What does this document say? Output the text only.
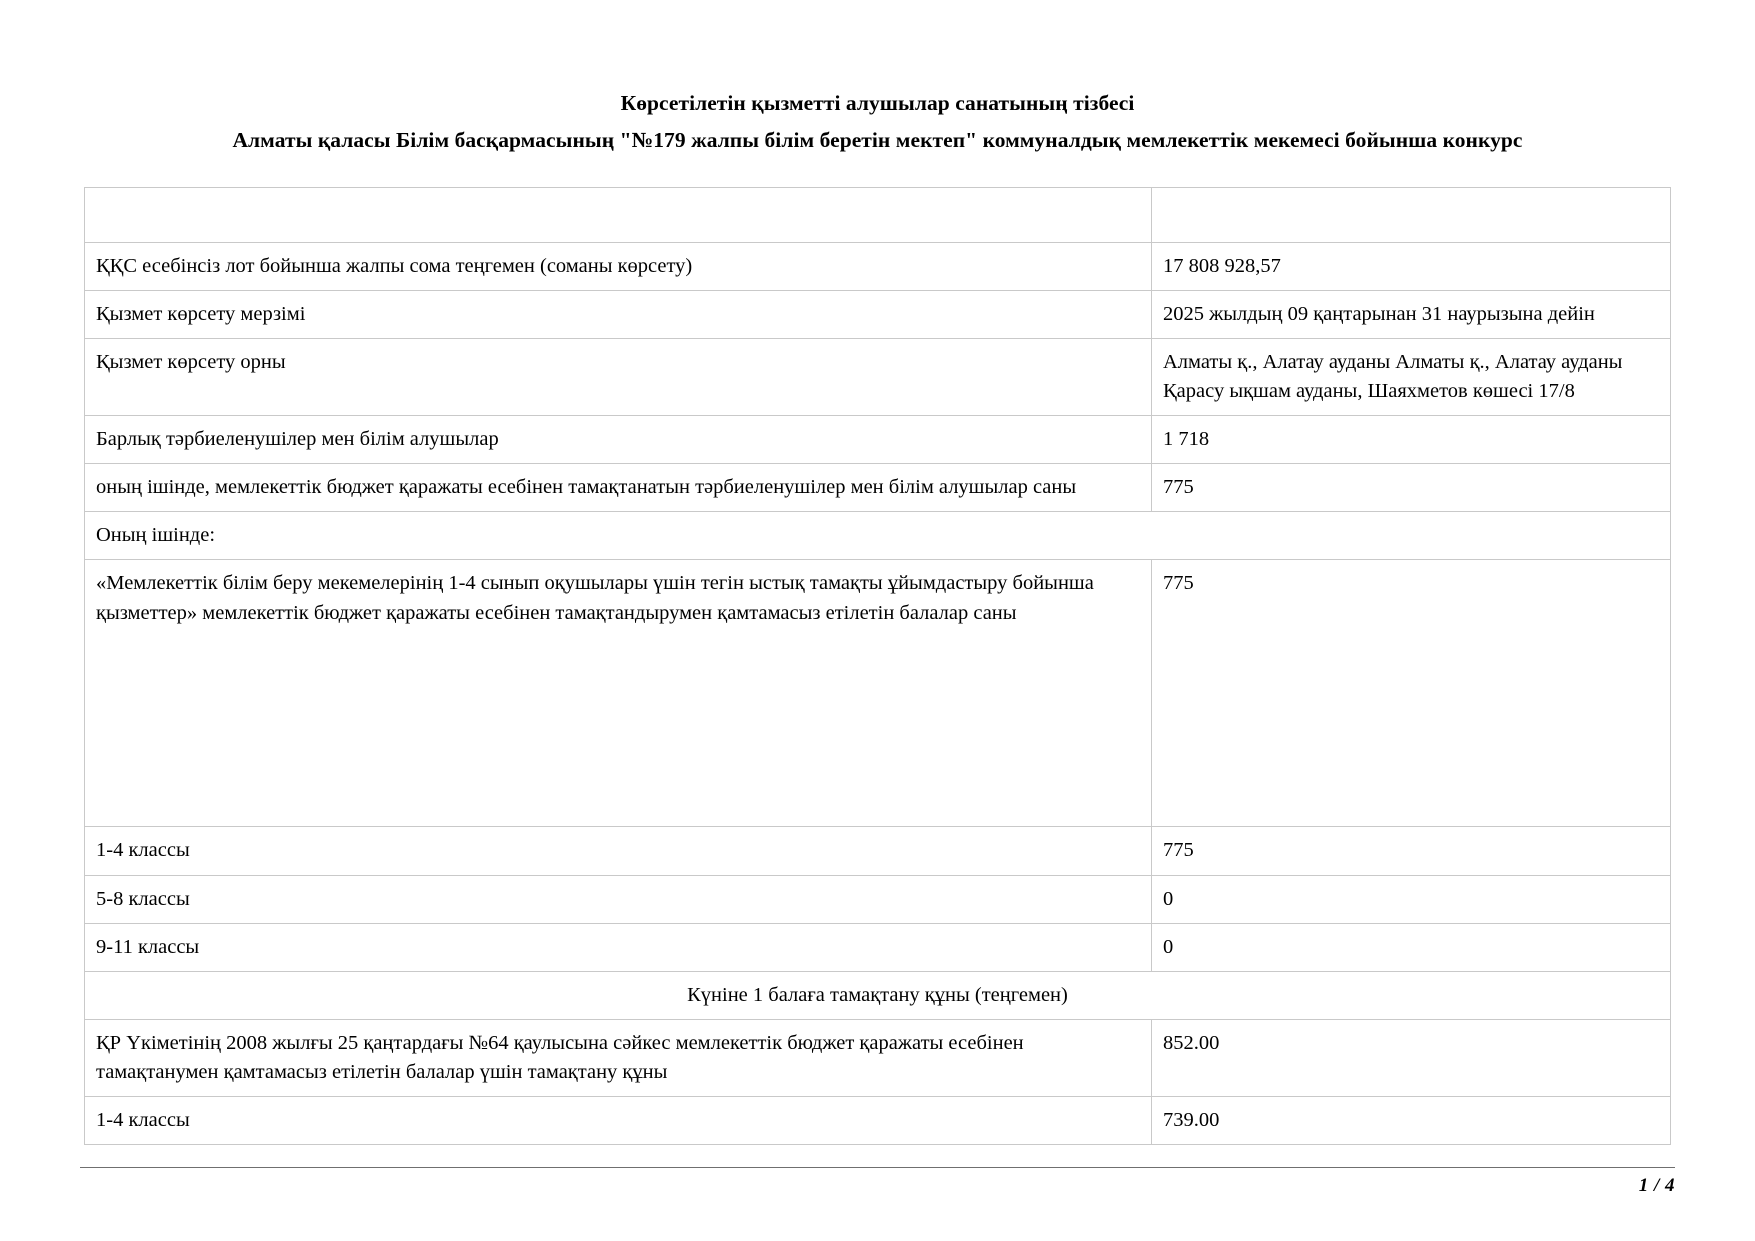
Көрсетілетін қызметті алушылар санатының тізбесі
Алматы қаласы Білім басқармасының "№179 жалпы білім беретін мектеп" коммуналдық мемлекеттік мекемесі бойынша конкурс

ҚҚС есебінсіз лот бойынша жалпы сома теңгемен (соманы көрсету)	17 808 928,57
Қызмет көрсету мерзімі	2025 жылдың 09 қаңтарынан 31 наурызына дейін
Қызмет көрсету орны	Алматы қ., Алатау ауданы Алматы қ., Алатау ауданы Қарасу ықшам ауданы, Шаяхметов көшесі 17/8
Барлық тәрбиеленушілер мен білім алушылар	1 718
оның ішінде, мемлекеттік бюджет қаражаты есебінен тамақтанатын тәрбиеленушілер мен білім алушылар саны	775
Оның ішінде:	
«Мемлекеттік білім беру мекемелерінің 1-4 сынып оқушылары үшін тегін ыстық тамақты ұйымдастыру бойынша қызметтер» мемлекеттік бюджет қаражаты есебінен тамақтандырумен қамтамасыз етілетін балалар саны	775
1-4 классы	775
5-8 классы	0
9-11 классы	0
Күніне 1 балаға тамақтану құны (теңгемен)	
ҚР Үкіметінің 2008 жылғы 25 қаңтардағы №64 қаулысына сәйкес мемлекеттік бюджет қаражаты есебінен тамақтанумен қамтамасыз етілетін балалар үшін тамақтану құны	852.00
1-4 классы	739.00
1 / 4
